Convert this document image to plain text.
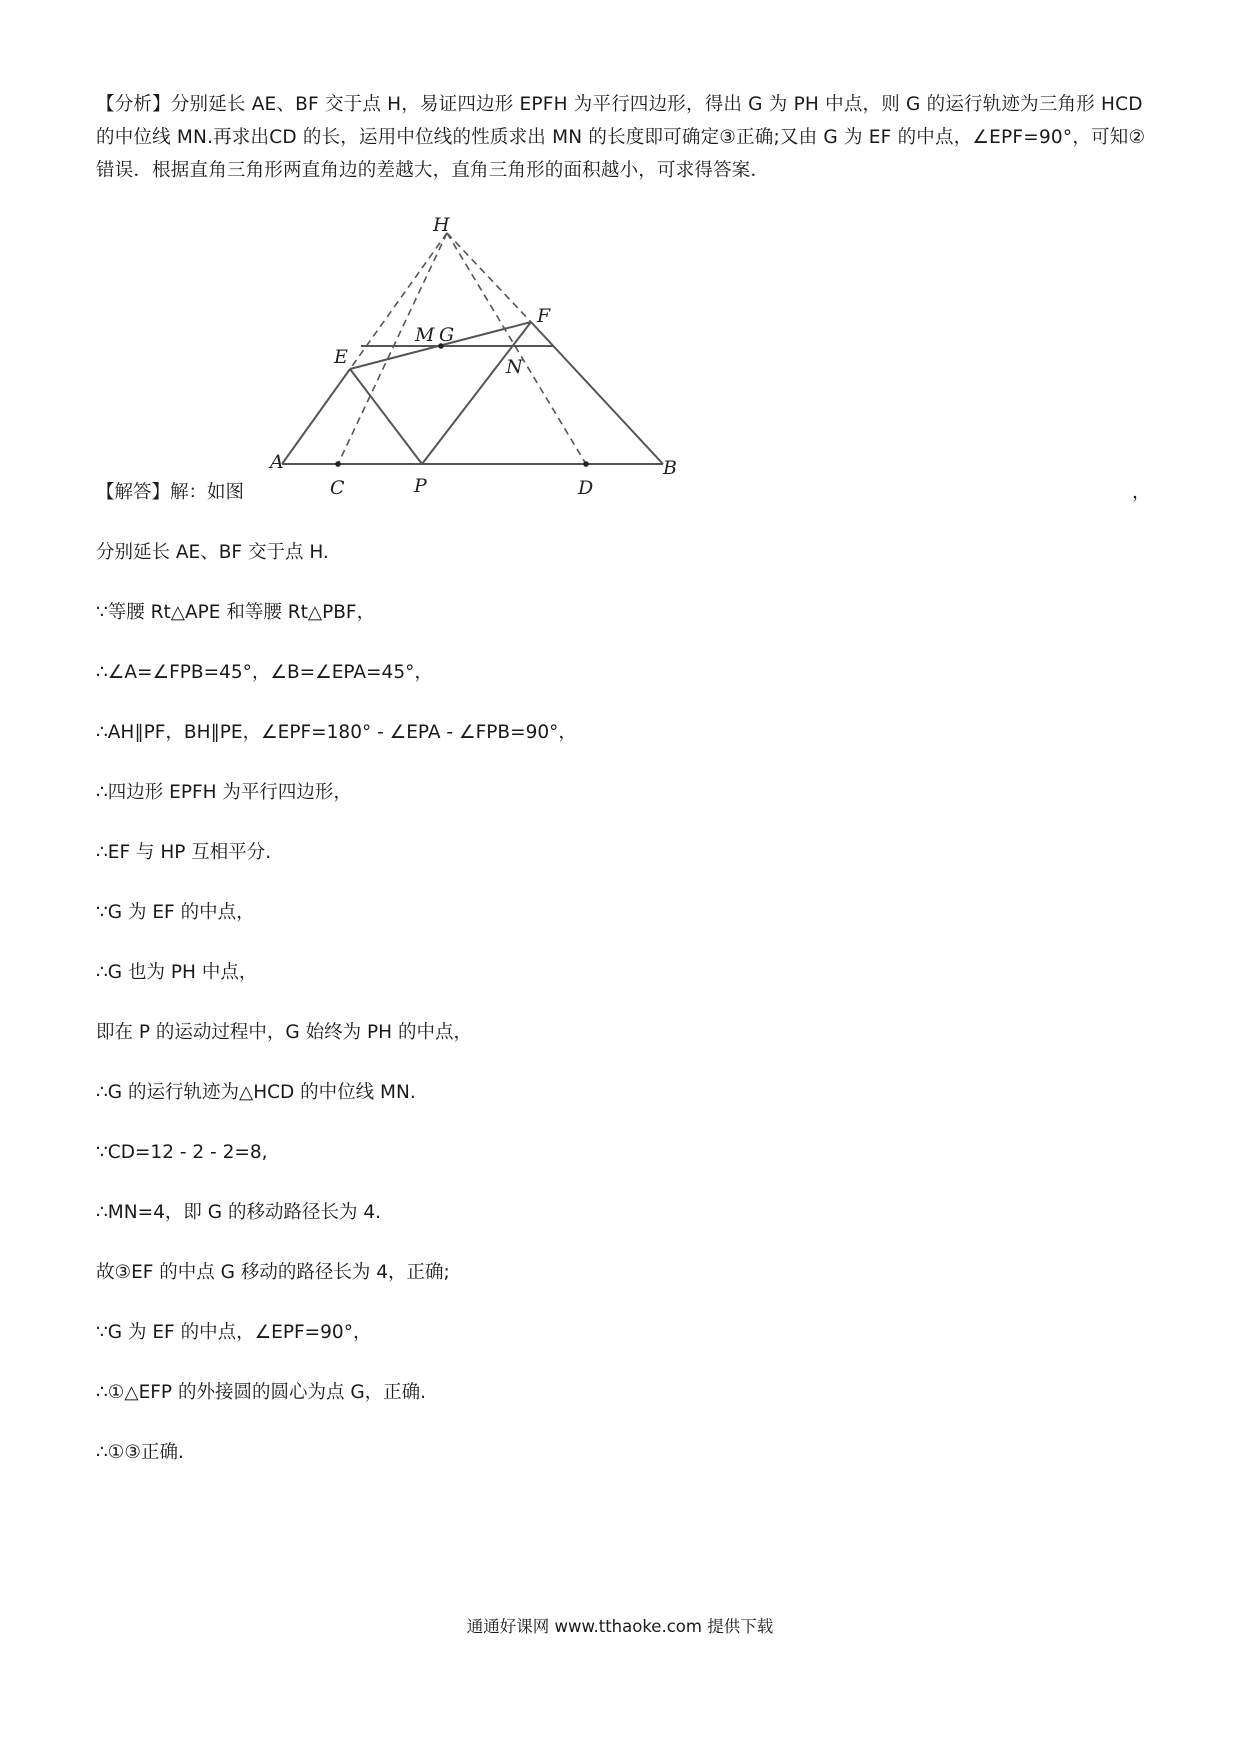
【分析】分别延长 AE、BF 交于点 H，易证四边形 EPFH 为平行四边形，得出 G 为 PH 中点，则 G 的运行轨迹为三角形 HCD 的中位线 MN.再求出CD 的长，运用中位线的性质求出 MN 的长度即可确定③正确;又由 G 为 EF 的中点，∠EPF=90°，可知②错误．根据直角三角形两直角边的差越大，直角三角形的面积越小，可求得答案．
H
F
M G
E	N
A
C	P	D
B
【解答】解：如图	，
分别延长 AE、BF 交于点 H.
∵等腰 Rt△APE 和等腰 Rt△PBF，
∴∠A=∠FPB=45°，∠B=∠EPA=45°，
∴AH∥PF，BH∥PE，∠EPF=180° - ∠EPA - ∠FPB=90°，
∴四边形 EPFH 为平行四边形，
∴EF 与 HP 互相平分.
∵G 为 EF 的中点，
∴G 也为 PH 中点，
即在 P 的运动过程中，G 始终为 PH 的中点，
∴G 的运行轨迹为△HCD 的中位线 MN.
∵CD=12 - 2 - 2=8,
∴MN=4，即 G 的移动路径长为 4.
故③EF 的中点 G 移动的路径长为 4，正确;
∵G 为 EF 的中点，∠EPF=90°，
∴①△EFP 的外接圆的圆心为点 G，正确.
∴①③正确.
通通好课网 www.tthaoke.com 提供下载
